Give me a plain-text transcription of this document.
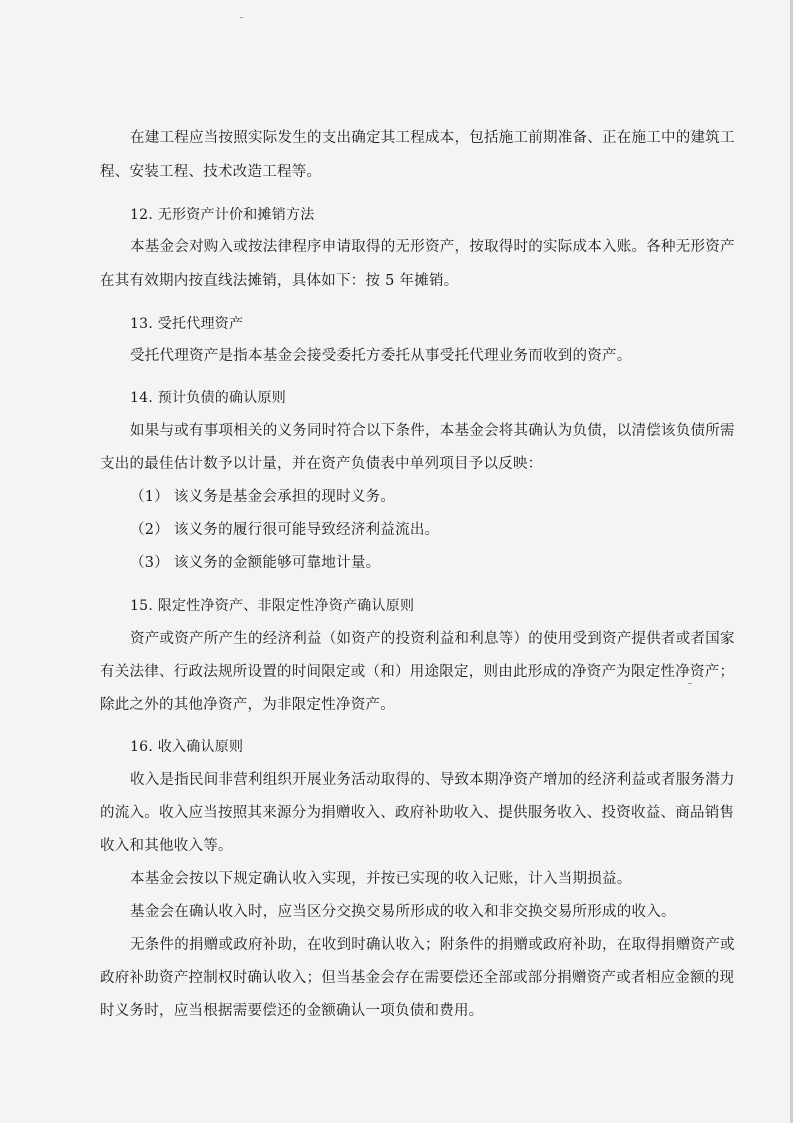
在建工程应当按照实际发生的支出确定其工程成本，包括施工前期准备、正在施工中的建筑工

程、安装工程、技术改造工程等。

12. 无形资产计价和摊销方法

本基金会对购入或按法律程序申请取得的无形资产，按取得时的实际成本入账。各种无形资产

在其有效期内按直线法摊销，具体如下：按 5 年摊销。

13. 受托代理资产

受托代理资产是指本基金会接受委托方委托从事受托代理业务而收到的资产。

14. 预计负债的确认原则

如果与或有事项相关的义务同时符合以下条件，本基金会将其确认为负债，以清偿该负债所需

支出的最佳估计数予以计量，并在资产负债表中单列项目予以反映：

（1） 该义务是基金会承担的现时义务。

（2） 该义务的履行很可能导致经济利益流出。

（3） 该义务的金额能够可靠地计量。

15. 限定性净资产、非限定性净资产确认原则

资产或资产所产生的经济利益（如资产的投资利益和利息等）的使用受到资产提供者或者国家

有关法律、行政法规所设置的时间限定或（和）用途限定，则由此形成的净资产为限定性净资产；

除此之外的其他净资产，为非限定性净资产。

16. 收入确认原则

收入是指民间非营利组织开展业务活动取得的、导致本期净资产增加的经济利益或者服务潜力

的流入。收入应当按照其来源分为捐赠收入、政府补助收入、提供服务收入、投资收益、商品销售

收入和其他收入等。

本基金会按以下规定确认收入实现，并按已实现的收入记账，计入当期损益。

基金会在确认收入时，应当区分交换交易所形成的收入和非交换交易所形成的收入。

无条件的捐赠或政府补助，在收到时确认收入；附条件的捐赠或政府补助，在取得捐赠资产或

政府补助资产控制权时确认收入；但当基金会存在需要偿还全部或部分捐赠资产或者相应金额的现

时义务时，应当根据需要偿还的金额确认一项负债和费用。
